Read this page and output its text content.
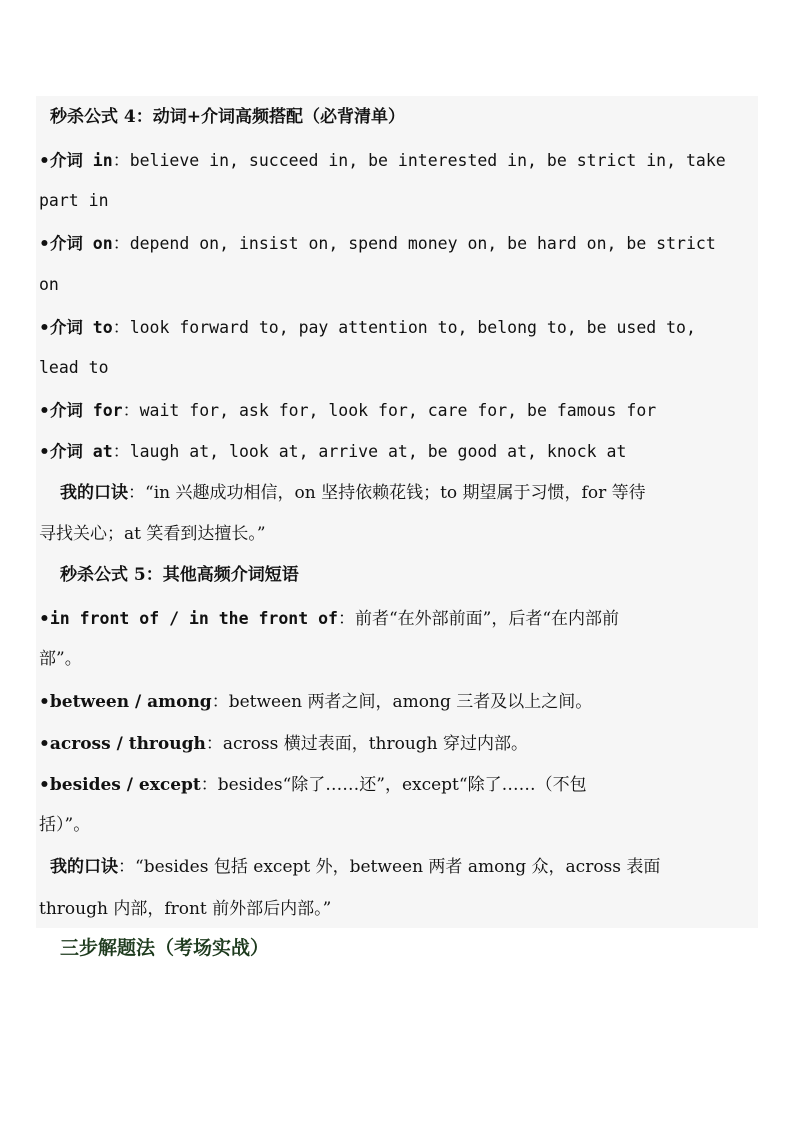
秒杀公式 4：动词+介词高频搭配（必背清单）
•介词 in：believe in, succeed in, be interested in, be strict in, take
part in
•介词 on：depend on, insist on, spend money on, be hard on, be strict
on
•介词 to：look forward to, pay attention to, belong to, be used to,
lead to
•介词 for：wait for, ask for, look for, care for, be famous for
•介词 at：laugh at, look at, arrive at, be good at, knock at
我的口诀：“in 兴趣成功相信，on 坚持依赖花钱；to 期望属于习惯，for 等待
寻找关心；at 笑看到达擅长。”
秒杀公式 5：其他高频介词短语
•in front of / in the front of：前者“在外部前面”，后者“在内部前
部”。
•between / among：between 两者之间，among 三者及以上之间。
•across / through：across 横过表面，through 穿过内部。
•besides / except：besides“除了……还”，except“除了……（不包
括）”。
我的口诀：“besides 包括 except 外，between 两者 among 众，across 表面
through 内部，front 前外部后内部。”
三步解题法（考场实战）
